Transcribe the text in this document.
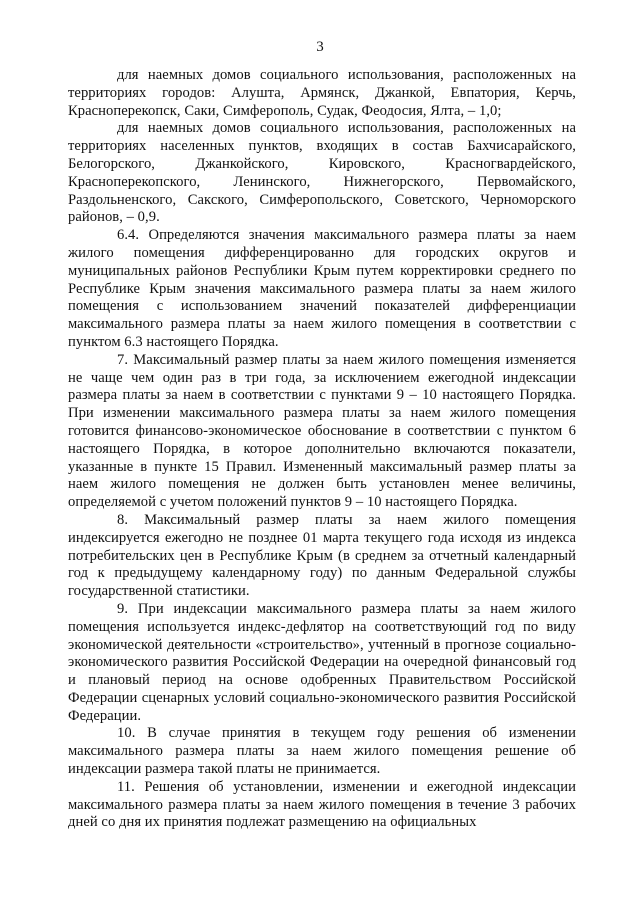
3

для наемных домов социального использования, расположенных на территориях городов: Алушта, Армянск, Джанкой, Евпатория, Керчь, Красноперекопск, Саки, Симферополь, Судак, Феодосия, Ялта, – 1,0;

для наемных домов социального использования, расположенных на территориях населенных пунктов, входящих в состав Бахчисарайского, Белогорского, Джанкойского, Кировского, Красногвардейского, Красноперекопского, Ленинского, Нижнегорского, Первомайского, Раздольненского, Сакского, Симферопольского, Советского, Черноморского районов, – 0,9.

6.4. Определяются значения максимального размера платы за наем жилого помещения дифференцированно для городских округов и муниципальных районов Республики Крым путем корректировки среднего по Республике Крым значения максимального размера платы за наем жилого помещения с использованием значений показателей дифференциации максимального размера платы за наем жилого помещения в соответствии с пунктом 6.3 настоящего Порядка.

7. Максимальный размер платы за наем жилого помещения изменяется не чаще чем один раз в три года, за исключением ежегодной индексации размера платы за наем в соответствии с пунктами 9 – 10 настоящего Порядка. При изменении максимального размера платы за наем жилого помещения готовится финансово-экономическое обоснование в соответствии с пунктом 6 настоящего Порядка, в которое дополнительно включаются показатели, указанные в пункте 15 Правил. Измененный максимальный размер платы за наем жилого помещения не должен быть установлен менее величины, определяемой с учетом положений пунктов 9 – 10 настоящего Порядка.

8. Максимальный размер платы за наем жилого помещения индексируется ежегодно не позднее 01 марта текущего года исходя из индекса потребительских цен в Республике Крым (в среднем за отчетный календарный год к предыдущему календарному году) по данным Федеральной службы государственной статистики.

9. При индексации максимального размера платы за наем жилого помещения используется индекс-дефлятор на соответствующий год по виду экономической деятельности «строительство», учтенный в прогнозе социально-экономического развития Российской Федерации на очередной финансовый год и плановый период на основе одобренных Правительством Российской Федерации сценарных условий социально-экономического развития Российской Федерации.

10. В случае принятия в текущем году решения об изменении максимального размера платы за наем жилого помещения решение об индексации размера такой платы не принимается.

11. Решения об установлении, изменении и ежегодной индексации максимального размера платы за наем жилого помещения в течение 3 рабочих дней со дня их принятия подлежат размещению на официальных
